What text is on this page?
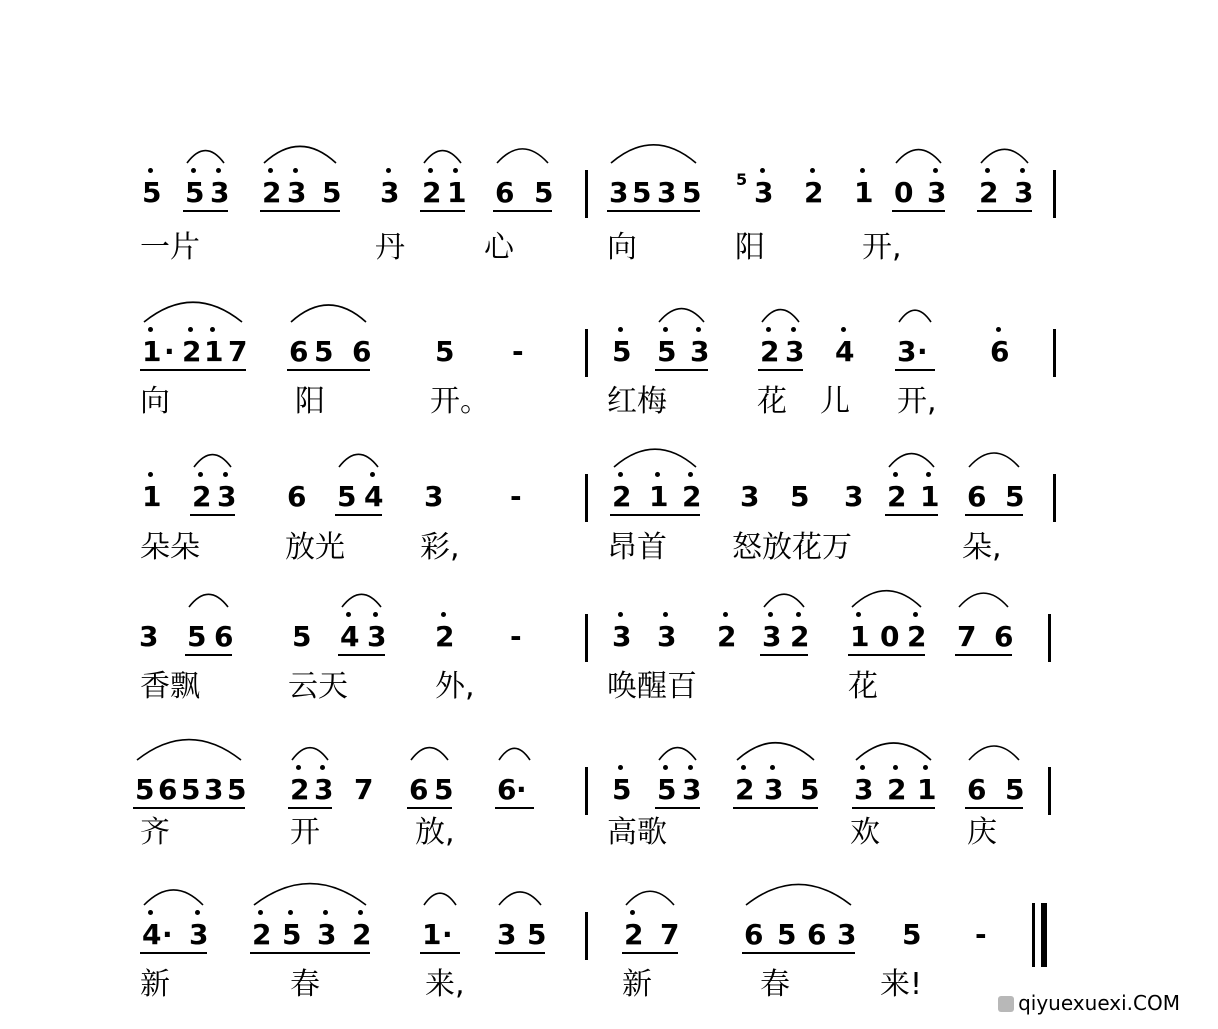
5 5 3 2 3 5 3 2 1 6 5 3 5 3 5 3 2 1 0 3 2 3
一片	丹	心	向	阳	开,
1 · 2 1 7 6 5 6 5 -	5 5 3 2 3 4 3 · 6
向	阳	开。	红梅	花 儿 开,
1 2 3 6 5 4 3 -	2 1 2 3 5 3 2 1 6 5
朵朵	放光	彩,	昂首 怒放花万	朵,
3 5 6 5 4 3 2 -	3 3 2 3 2 1 0 2 7 6
香飘	云天	外,	唤醒百	花
5 6 5 3 5 2 3 7 6 5 6 ·	5 5 3 2 3 5 3 2 1 6 5
齐	开	放,	高歌	欢	庆
4 · 3 2 5 3 2 1 · 3 5	2 7 6 5 6 3 5 -
新	春	来,	新	春	来!
5
qiyuexuexi.COM
